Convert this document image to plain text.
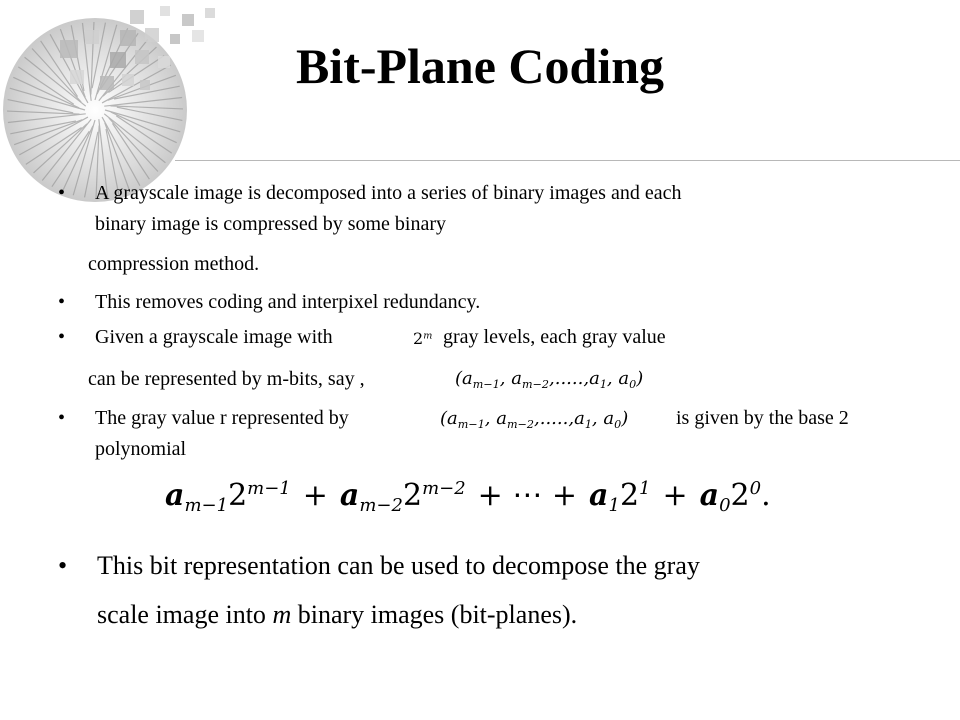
Bit-Plane Coding
• A grayscale image is decomposed into a series of binary images and each
binary image is compressed by some binary
compression method.
• This removes coding and interpixel redundancy.
• Given a grayscale image with	2$^m$ gray levels, each gray value
can be represented by m-bits, say ,	($a_{m-1}$, $a_{m-2},.....,a_1$, $a_0$)
• The gray value r represented by	($a_{m-1}$, $a_{m-2},.....,a_1$, $a_0$) is given by the base 2
polynomial
$a_{m-1}2^{m-1} + a_{m-2}2^{m-2}$ + ⋯ + $a_12^1 + a_02^0$.
• This bit representation can be used to decompose the gray
scale image into m binary images (bit-planes).
